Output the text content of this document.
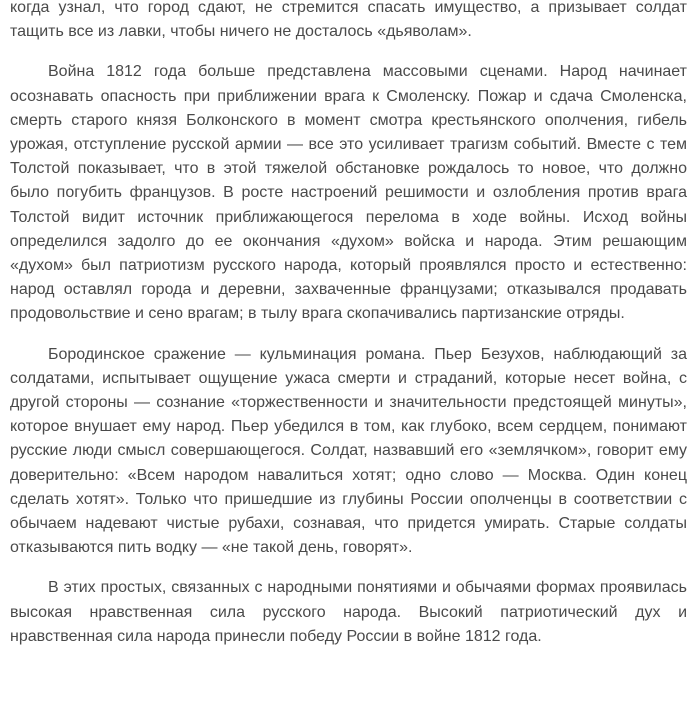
когда узнал, что город сдают, не стремится спасать имущество, а призывает солдат тащить все из лавки, чтобы ничего не досталось «дьяволам».

Война 1812 года больше представлена массовыми сценами. Народ начинает осознавать опасность при приближении врага к Смоленску. Пожар и сдача Смоленска, смерть старого князя Болконского в момент смотра крестьянского ополчения, гибель урожая, отступление русской армии — все это усиливает трагизм событий. Вместе с тем Толстой показывает, что в этой тяжелой обстановке рождалось то новое, что должно было погубить французов. В росте настроений решимости и озлобления против врага Толстой видит источник приближающегося перелома в ходе войны. Исход войны определился задолго до ее окончания «духом» войска и народа. Этим решающим «духом» был патриотизм русского народа, который проявлялся просто и естественно: народ оставлял города и деревни, захваченные французами; отказывался продавать продовольствие и сено врагам; в тылу врага скопачивались партизанские отряды.

Бородинское сражение — кульминация романа. Пьер Безухов, наблюдающий за солдатами, испытывает ощущение ужаса смерти и страданий, которые несет война, с другой стороны — сознание «торжественности и значительности предстоящей минуты», которое внушает ему народ. Пьер убедился в том, как глубоко, всем сердцем, понимают русские люди смысл совершающегося. Солдат, назвавший его «землячком», говорит ему доверительно: «Всем народом навалиться хотят; одно слово — Москва. Один конец сделать хотят». Только что пришедшие из глубины России ополченцы в соответствии с обычаем надевают чистые рубахи, сознавая, что придется умирать. Старые солдаты отказываются пить водку — «не такой день, говорят».

В этих простых, связанных с народными понятиями и обычаями формах проявилась высокая нравственная сила русского народа. Высокий патриотический дух и нравственная сила народа принесли победу России в войне 1812 года.
